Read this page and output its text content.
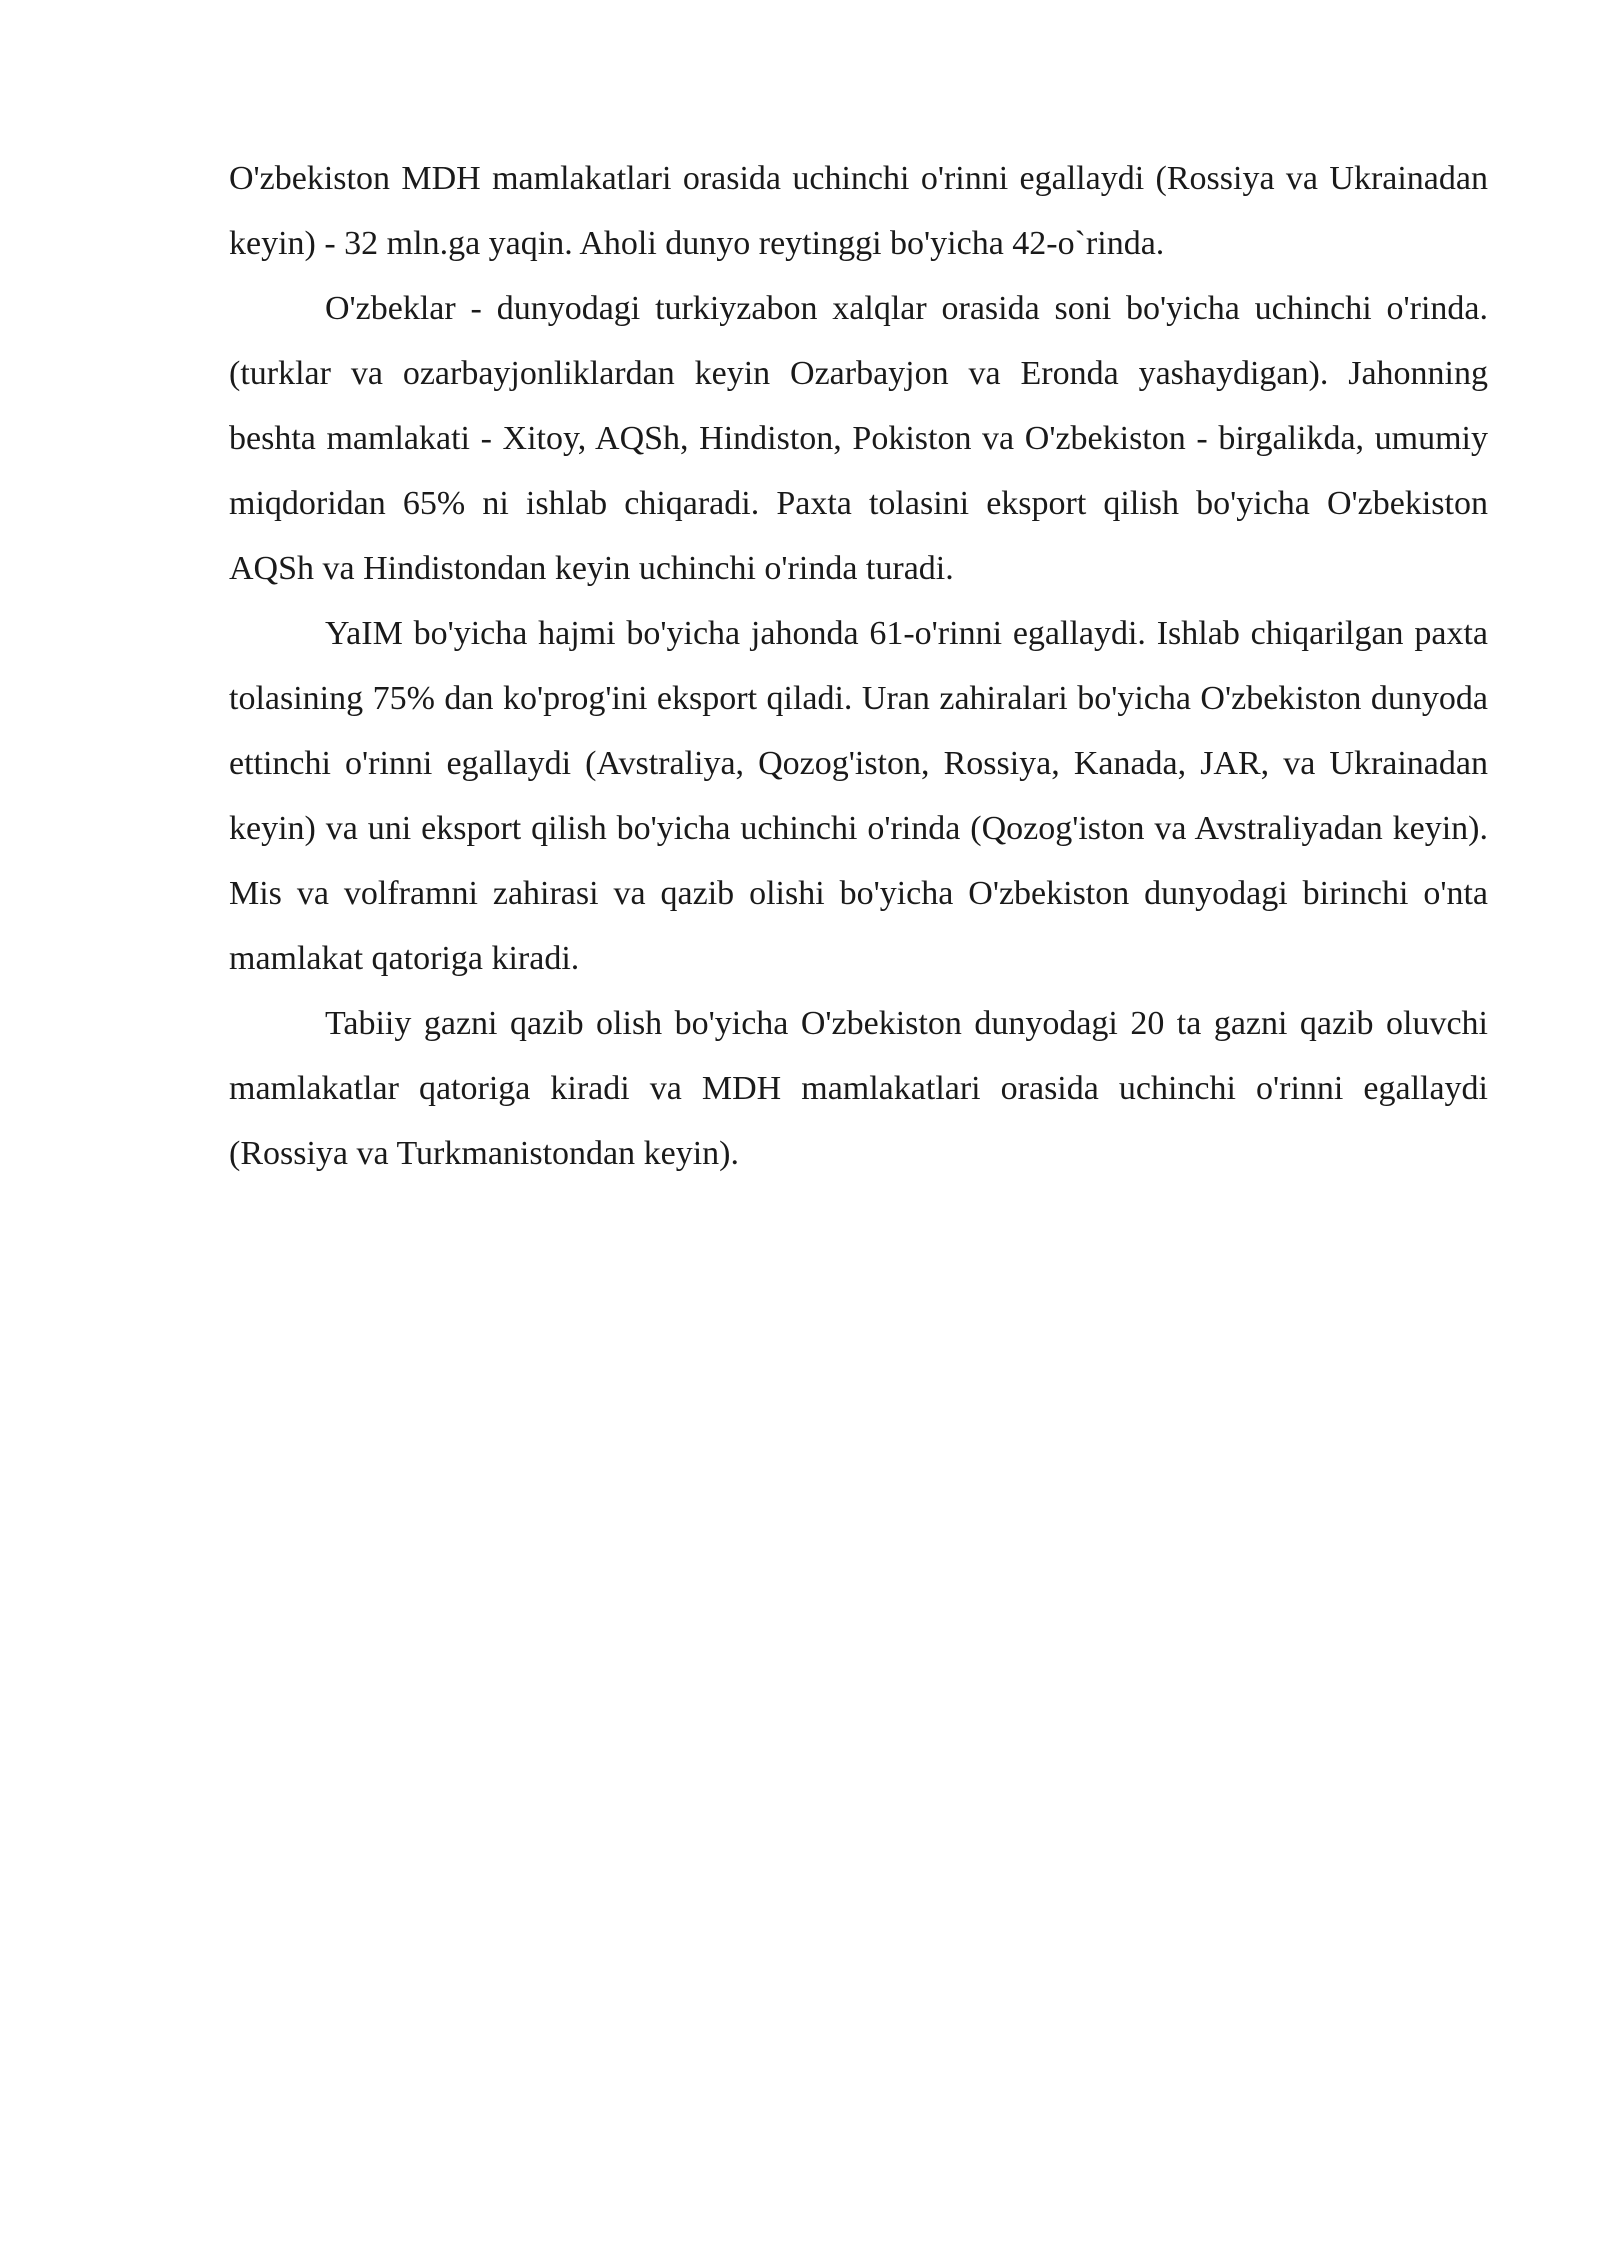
O'zbekiston MDH mamlakatlari orasida uchinchi o'rinni egallaydi (Rossiya va Ukrainadan keyin) - 32 mln.ga yaqin. Aholi dunyo reytinggi bo'yicha 42-o`rinda.

O'zbeklar - dunyodagi turkiyzabon xalqlar orasida soni bo'yicha uchinchi o'rinda. (turklar va ozarbayjonliklardan keyin Ozarbayjon va Eronda yashaydigan). Jahonning beshta mamlakati - Xitoy, AQSh, Hindiston, Pokiston va O'zbekiston - birgalikda, umumiy miqdoridan 65% ni ishlab chiqaradi. Paxta tolasini eksport qilish bo'yicha O'zbekiston AQSh va Hindistondan keyin uchinchi o'rinda turadi.

YaIM bo'yicha hajmi bo'yicha jahonda 61-o'rinni egallaydi. Ishlab chiqarilgan paxta tolasining 75% dan ko'prog'ini eksport qiladi. Uran zahiralari bo'yicha O'zbekiston dunyoda ettinchi o'rinni egallaydi (Avstraliya, Qozog'iston, Rossiya, Kanada, JAR, va Ukrainadan keyin) va uni eksport qilish bo'yicha uchinchi o'rinda (Qozog'iston va Avstraliyadan keyin). Mis va volframni zahirasi va qazib olishi bo'yicha O'zbekiston dunyodagi birinchi o'nta mamlakat qatoriga kiradi.

Tabiiy gazni qazib olish bo'yicha O'zbekiston dunyodagi 20 ta gazni qazib oluvchi mamlakatlar qatoriga kiradi va MDH mamlakatlari orasida uchinchi o'rinni egallaydi (Rossiya va Turkmanistondan keyin).
